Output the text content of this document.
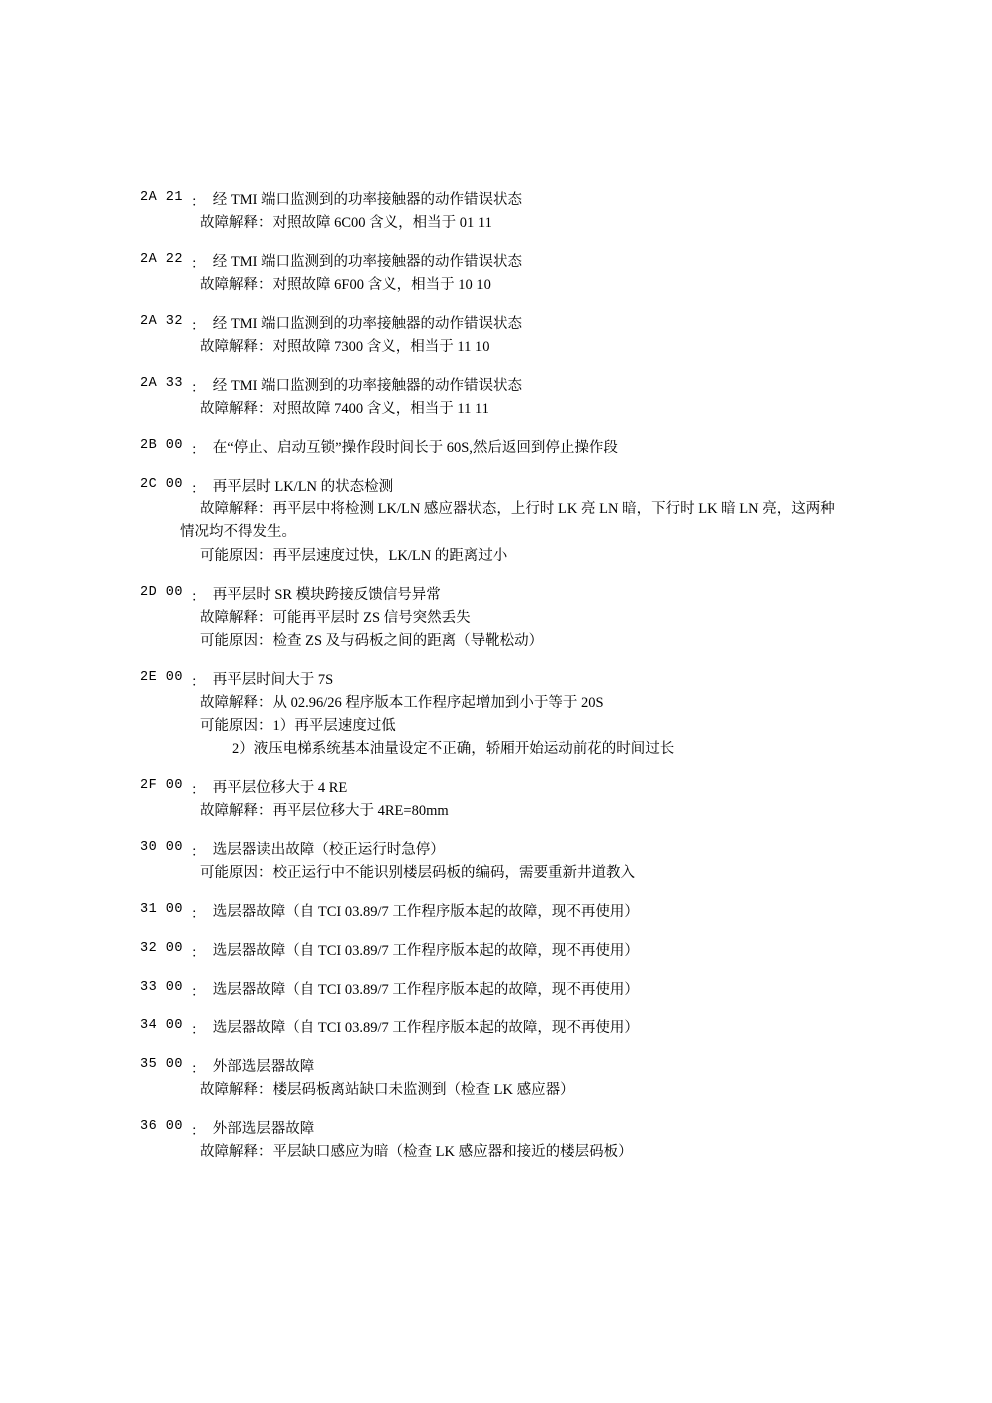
2A 21 ： 经 TMI 端口监测到的功率接触器的动作错误状态
故障解释：对照故障 6C00 含义，相当于 01 11
2A 22 ： 经 TMI 端口监测到的功率接触器的动作错误状态
故障解释：对照故障 6F00 含义，相当于 10 10
2A 32 ： 经 TMI 端口监测到的功率接触器的动作错误状态
故障解释：对照故障 7300 含义，相当于 11 10
2A 33 ： 经 TMI 端口监测到的功率接触器的动作错误状态
故障解释：对照故障 7400 含义，相当于 11 11
2B 00 ： 在“停止、启动互锁”操作段时间长于 60S,然后返回到停止操作段
2C 00 ： 再平层时 LK/LN 的状态检测
故障解释：再平层中将检测 LK/LN 感应器状态，上行时 LK 亮 LN 暗，下行时 LK 暗 LN 亮，这两种
情况均不得发生。
可能原因：再平层速度过快，LK/LN 的距离过小
2D 00 ： 再平层时 SR 模块跨接反馈信号异常
故障解释：可能再平层时 ZS 信号突然丢失
可能原因：检查 ZS 及与码板之间的距离（导靴松动）
2E 00 ： 再平层时间大于 7S
故障解释：从 02.96/26 程序版本工作程序起增加到小于等于 20S
可能原因：1）再平层速度过低
2）液压电梯系统基本油量设定不正确，轿厢开始运动前花的时间过长
2F 00 ： 再平层位移大于 4 RE
故障解释：再平层位移大于 4RE=80mm
30 00 ： 选层器读出故障（校正运行时急停）
可能原因：校正运行中不能识别楼层码板的编码，需要重新井道教入
31 00 ： 选层器故障（自 TCI 03.89/7 工作程序版本起的故障，现不再使用）
32 00 ： 选层器故障（自 TCI 03.89/7 工作程序版本起的故障，现不再使用）
33 00 ： 选层器故障（自 TCI 03.89/7 工作程序版本起的故障，现不再使用）
34 00 ： 选层器故障（自 TCI 03.89/7 工作程序版本起的故障，现不再使用）
35 00 ： 外部选层器故障
故障解释：楼层码板离站缺口未监测到（检查 LK 感应器）
36 00 ： 外部选层器故障
故障解释：平层缺口感应为暗（检查 LK 感应器和接近的楼层码板）
